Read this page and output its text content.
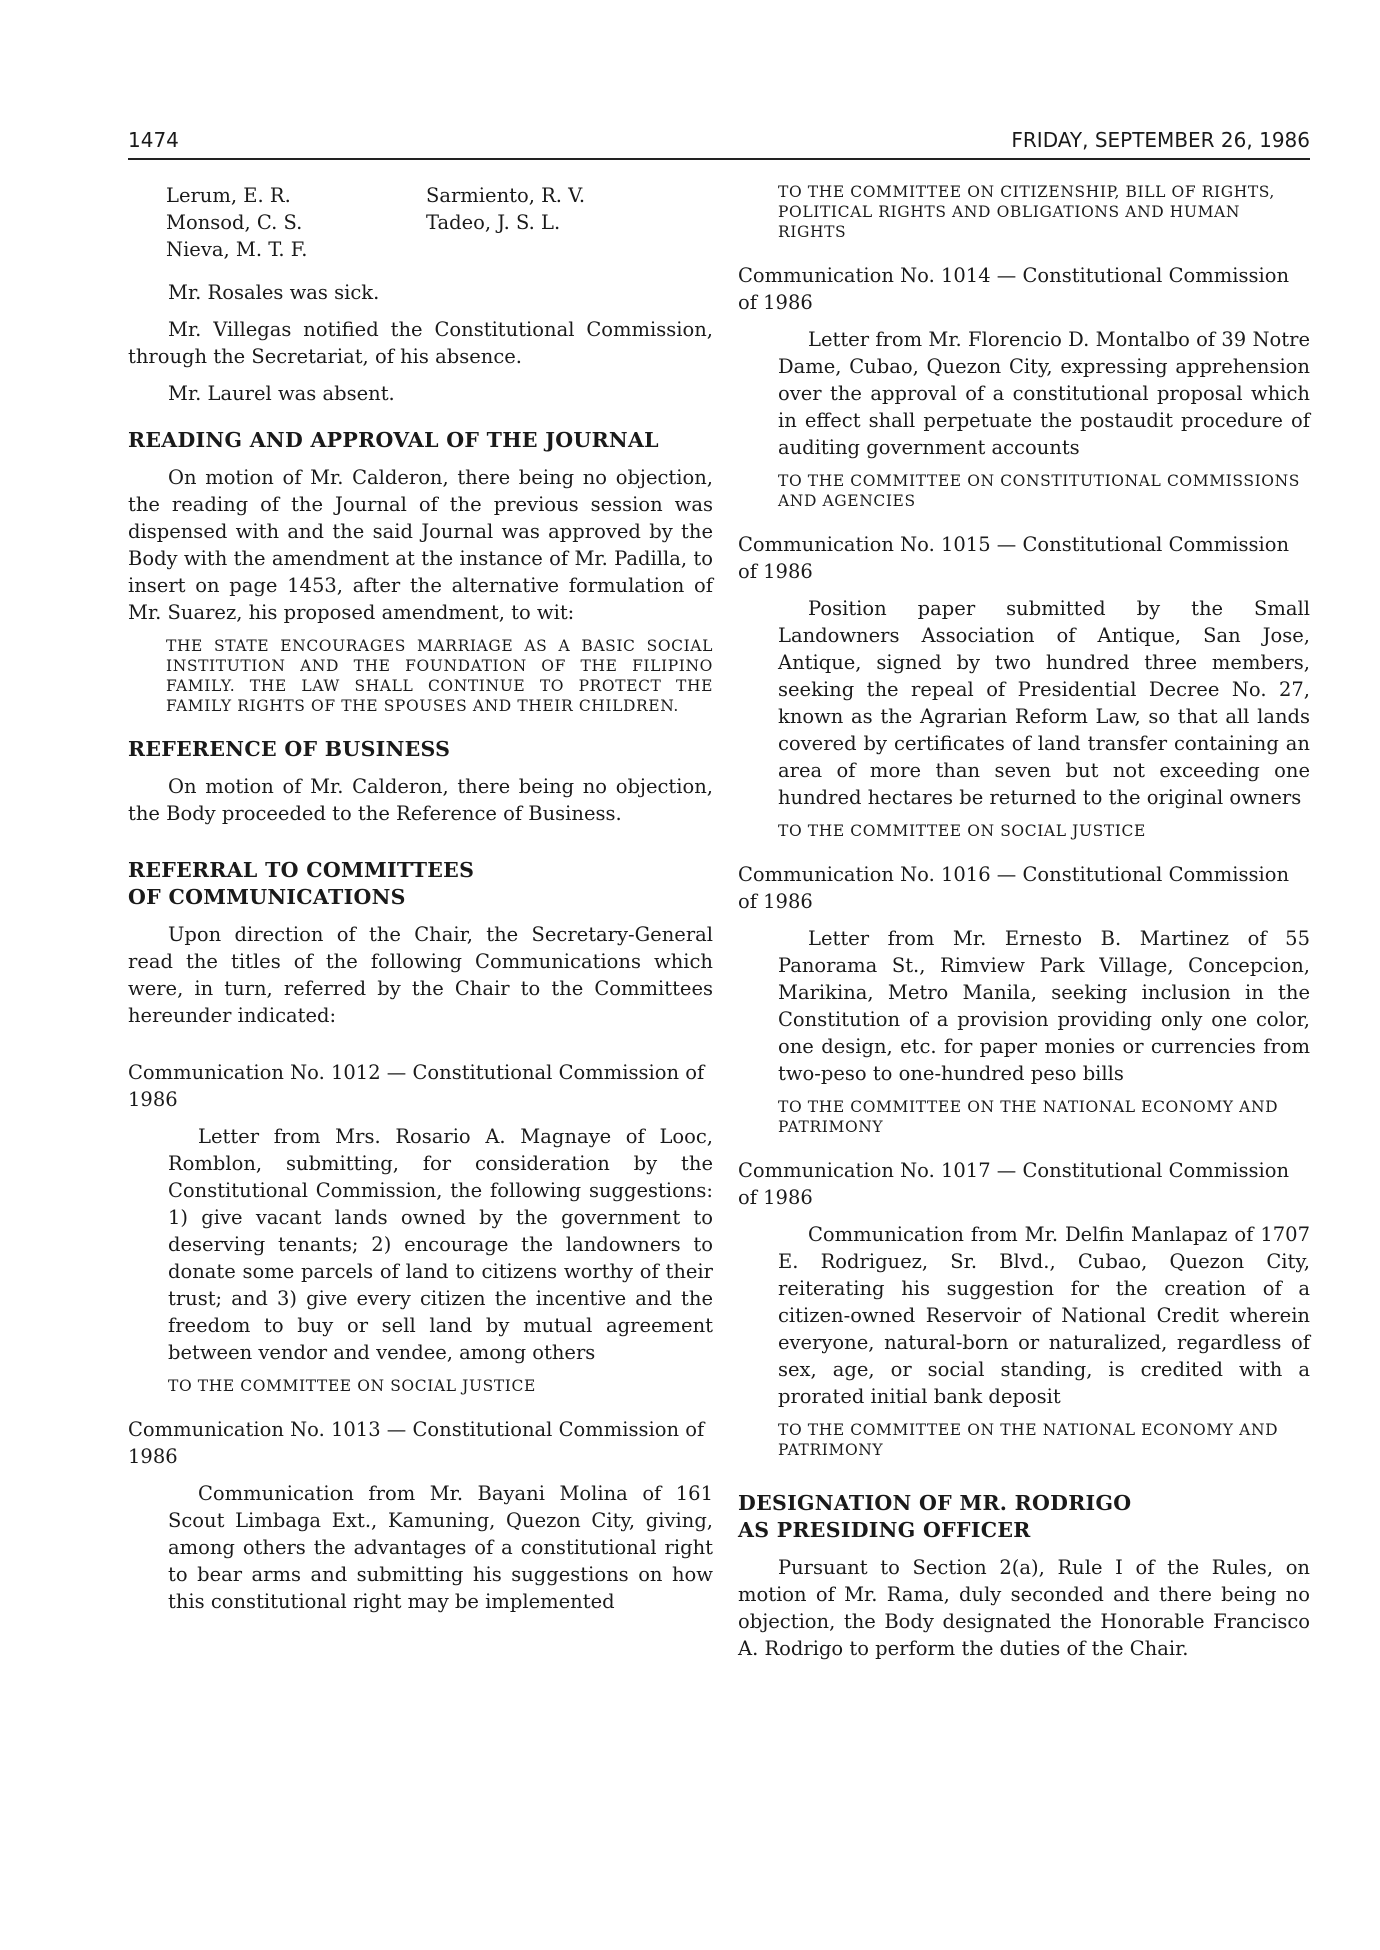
1474	FRIDAY, SEPTEMBER 26, 1986
Lerum, E. R.
Monsod, C. S.
Nieva, M. T. F.
Sarmiento, R. V.
Tadeo, J. S. L.

Mr. Rosales was sick.

Mr. Villegas notified the Constitutional Commission, through the Secretariat, of his absence.

Mr. Laurel was absent.

READING AND APPROVAL OF THE JOURNAL

On motion of Mr. Calderon, there being no objection, the reading of the Journal of the previous session was dispensed with and the said Journal was approved by the Body with the amendment at the instance of Mr. Padilla, to insert on page 1453, after the alternative formulation of Mr. Suarez, his proposed amendment, to wit:

THE STATE ENCOURAGES MARRIAGE AS A BASIC SOCIAL INSTITUTION AND THE FOUNDATION OF THE FILIPINO FAMILY. THE LAW SHALL CONTINUE TO PROTECT THE FAMILY RIGHTS OF THE SPOUSES AND THEIR CHILDREN.

REFERENCE OF BUSINESS

On motion of Mr. Calderon, there being no objection, the Body proceeded to the Reference of Business.

REFERRAL TO COMMITTEES
OF COMMUNICATIONS

Upon direction of the Chair, the Secretary-General read the titles of the following Communications which were, in turn, referred by the Chair to the Committees hereunder indicated:

Communication No. 1012 — Constitutional Commission of 1986

Letter from Mrs. Rosario A. Magnaye of Looc, Romblon, submitting, for consideration by the Constitutional Commission, the following suggestions: 1) give vacant lands owned by the government to deserving tenants; 2) encourage the landowners to donate some parcels of land to citizens worthy of their trust; and 3) give every citizen the incentive and the freedom to buy or sell land by mutual agreement between vendor and vendee, among others

TO THE COMMITTEE ON SOCIAL JUSTICE

Communication No. 1013 — Constitutional Commission of 1986

Communication from Mr. Bayani Molina of 161 Scout Limbaga Ext., Kamuning, Quezon City, giving, among others the advantages of a constitutional right to bear arms and submitting his suggestions on how this constitutional right may be implemented

TO THE COMMITTEE ON CITIZENSHIP, BILL OF RIGHTS, POLITICAL RIGHTS AND OBLIGATIONS AND HUMAN RIGHTS

Communication No. 1014 — Constitutional Commission of 1986

Letter from Mr. Florencio D. Montalbo of 39 Notre Dame, Cubao, Quezon City, expressing apprehension over the approval of a constitutional proposal which in effect shall perpetuate the postaudit procedure of auditing government accounts

TO THE COMMITTEE ON CONSTITUTIONAL COMMISSIONS AND AGENCIES

Communication No. 1015 — Constitutional Commission of 1986

Position paper submitted by the Small Landowners Association of Antique, San Jose, Antique, signed by two hundred three members, seeking the repeal of Presidential Decree No. 27, known as the Agrarian Reform Law, so that all lands covered by certificates of land transfer containing an area of more than seven but not exceeding one hundred hectares be returned to the original owners

TO THE COMMITTEE ON SOCIAL JUSTICE

Communication No. 1016 — Constitutional Commission of 1986

Letter from Mr. Ernesto B. Martinez of 55 Panorama St., Rimview Park Village, Concepcion, Marikina, Metro Manila, seeking inclusion in the Constitution of a provision providing only one color, one design, etc. for paper monies or currencies from two-peso to one-hundred peso bills

TO THE COMMITTEE ON THE NATIONAL ECONOMY AND PATRIMONY

Communication No. 1017 — Constitutional Commission of 1986

Communication from Mr. Delfin Manlapaz of 1707 E. Rodriguez, Sr. Blvd., Cubao, Quezon City, reiterating his suggestion for the creation of a citizen-owned Reservoir of National Credit wherein everyone, natural-born or naturalized, regardless of sex, age, or social standing, is credited with a prorated initial bank deposit

TO THE COMMITTEE ON THE NATIONAL ECONOMY AND PATRIMONY

DESIGNATION OF MR. RODRIGO
AS PRESIDING OFFICER

Pursuant to Section 2(a), Rule I of the Rules, on motion of Mr. Rama, duly seconded and there being no objection, the Body designated the Honorable Francisco A. Rodrigo to perform the duties of the Chair.
